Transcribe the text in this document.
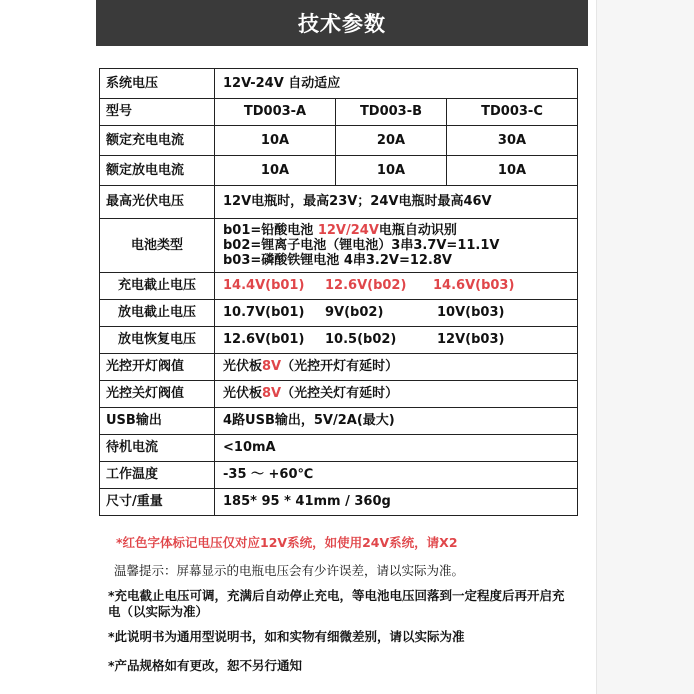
技术参数
系统电压	12V-24V 自动适应		
型号	TD003-A	TD003-B	TD003-C
额定充电电流	10A	20A	30A
额定放电电流	10A	10A	10A
最高光伏电压	12V电瓶时，最高23V；24V电瓶时最高46V		
电池类型	b01=铅酸电池 12V/24V电瓶自动识别
b02=锂离子电池（锂电池）3串3.7V=11.1V
b03=磷酸铁锂电池 4串3.2V=12.8V		

充电截止电压	14.4V(b01) 12.6V(b02) 14.6V(b03)		
放电截止电压	10.7V(b01) 9V(b02) 10V(b03)		
放电恢复电压	12.6V(b01) 10.5(b02) 12V(b03)		
光控开灯阀值	光伏板8V（光控开灯有延时）		
光控关灯阀值	光伏板8V（光控关灯有延时）		
USB输出	4路USB输出，5V/2A(最大)		
待机电流	<10mA		
工作温度	-35 ～ +60℃		
尺寸/重量	185* 95 * 41mm / 360g		

*红色字体标记电压仅对应12V系统，如使用24V系统，请X2

温馨提示：屏幕显示的电瓶电压会有少许误差，请以实际为准。

*充电截止电压可调，充满后自动停止充电，等电池电压回落到一定程度后再开启充电（以实际为准）

*此说明书为通用型说明书，如和实物有细微差别，请以实际为准

*产品规格如有更改，恕不另行通知
